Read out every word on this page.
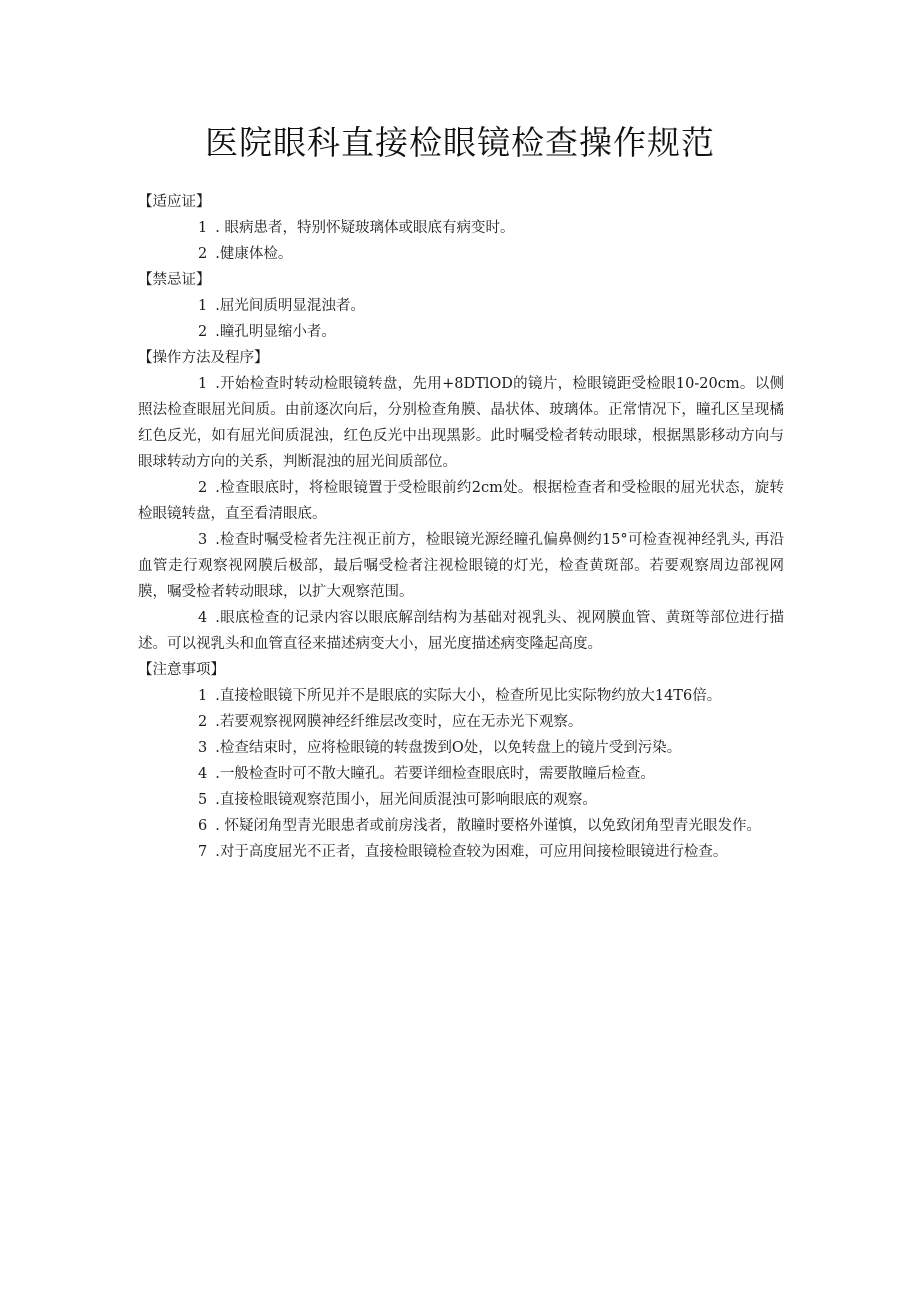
医院眼科直接检眼镜检查操作规范

【适应证】

1 . 眼病患者，特别怀疑玻璃体或眼底有病变时。

2 .健康体检。

【禁忌证】

1 .屈光间质明显混浊者。

2 .瞳孔明显缩小者。

【操作方法及程序】

1 .开始检查时转动检眼镜转盘，先用+8DTlOD的镜片，检眼镜距受检眼10-20cm。以侧照法检查眼屈光间质。由前逐次向后，分别检查角膜、晶状体、玻璃体。正常情况下，瞳孔区呈现橘红色反光，如有屈光间质混浊，红色反光中出现黑影。此时嘱受检者转动眼球，根据黑影移动方向与眼球转动方向的关系，判断混浊的屈光间质部位。

2 .检查眼底时，将检眼镜置于受检眼前约2cm处。根据检查者和受检眼的屈光状态，旋转检眼镜转盘，直至看清眼底。

3 .检查时嘱受检者先注视正前方，检眼镜光源经瞳孔偏鼻侧约15°可检查视神经乳头, 再沿血管走行观察视网膜后极部，最后嘱受检者注视检眼镜的灯光，检查黄斑部。若要观察周边部视网膜，嘱受检者转动眼球，以扩大观察范围。

4 .眼底检查的记录内容以眼底解剖结构为基础对视乳头、视网膜血管、黄斑等部位进行描述。可以视乳头和血管直径来描述病变大小，屈光度描述病变隆起高度。

【注意事项】

1 .直接检眼镜下所见并不是眼底的实际大小，检查所见比实际物约放大14T6倍。

2 .若要观察视网膜神经纤维层改变时，应在无赤光下观察。

3 .检查结束时，应将检眼镜的转盘拨到O处，以免转盘上的镜片受到污染。

4 .一般检查时可不散大瞳孔。若要详细检查眼底时，需要散瞳后检查。

5 .直接检眼镜观察范围小，屈光间质混浊可影响眼底的观察。

6 . 怀疑闭角型青光眼患者或前房浅者，散瞳时要格外谨慎，以免致闭角型青光眼发作。

7 .对于高度屈光不正者，直接检眼镜检查较为困难，可应用间接检眼镜进行检查。
